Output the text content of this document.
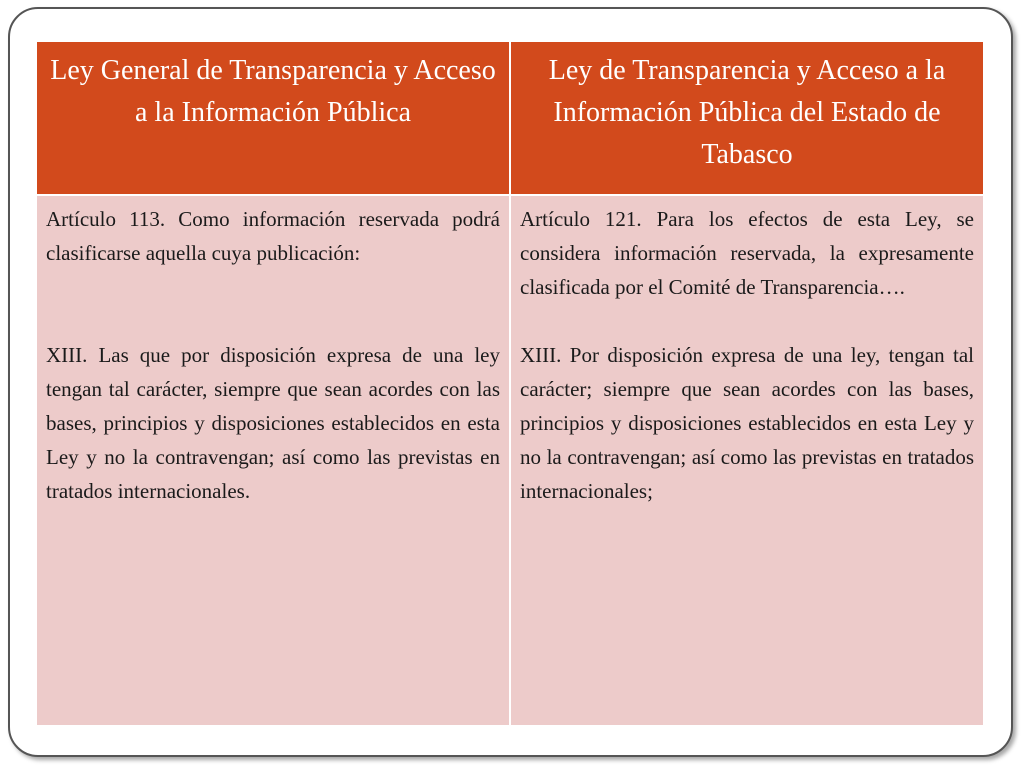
Ley General de Transparencia y Acceso a la Información Pública
Ley de Transparencia y Acceso a la Información Pública del Estado de Tabasco

Artículo 113. Como información reservada podrá clasificarse aquella cuya publicación:

XIII. Las que por disposición expresa de una ley tengan tal carácter, siempre que sean acordes con las bases, principios y disposiciones establecidos en esta Ley y no la contravengan; así como las previstas en tratados internacionales.

Artículo 121. Para los efectos de esta Ley, se considera información reservada, la expresamente clasificada por el Comité de Transparencia….

XIII. Por disposición expresa de una ley, tengan tal carácter; siempre que sean acordes con las bases, principios y disposiciones establecidos en esta Ley y no la contravengan; así como las previstas en tratados internacionales;
